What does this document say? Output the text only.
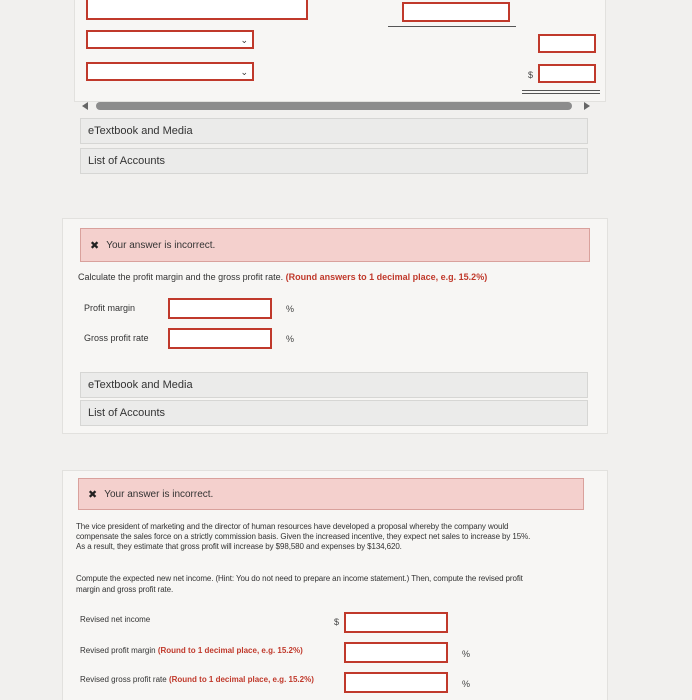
⌄
⌄	$
eTextbook and Media
List of Accounts
✖ Your answer is incorrect.
Calculate the profit margin and the gross profit rate. (Round answers to 1 decimal place, e.g. 15.2%)
Profit margin	%
Gross profit rate	%
eTextbook and Media
List of Accounts
✖ Your answer is incorrect.
The vice president of marketing and the director of human resources have developed a proposal whereby the company would
compensate the sales force on a strictly commission basis. Given the increased incentive, they expect net sales to increase by 15%.
As a result, they estimate that gross profit will increase by $98,580 and expenses by $134,620.
Compute the expected new net income. (Hint: You do not need to prepare an income statement.) Then, compute the revised profit
margin and gross profit rate.
Revised net income	$
Revised profit margin (Round to 1 decimal place, e.g. 15.2%)	%
Revised gross profit rate (Round to 1 decimal place, e.g. 15.2%)	%
